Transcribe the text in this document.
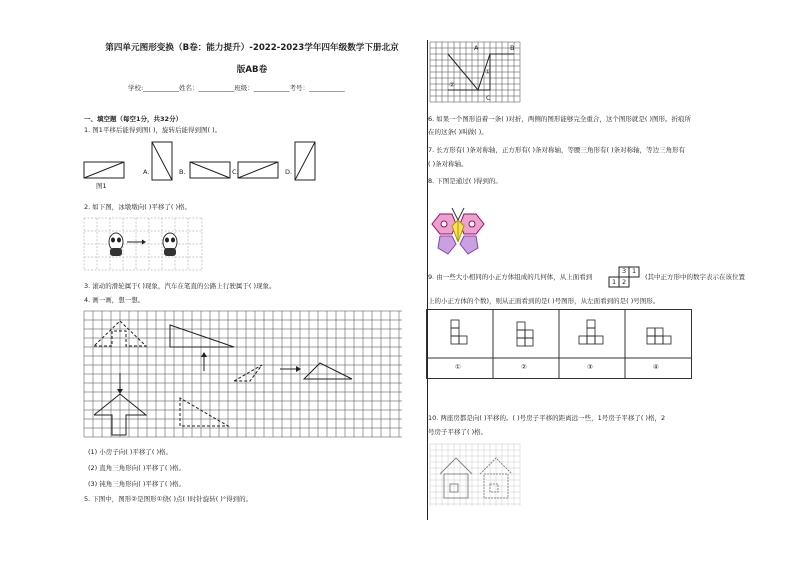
第四单元图形变换（B卷：能力提升）-2022-2023学年四年级数学下册北京
版AB卷
学校:___________姓名：___________班级：___________考号：___________
一、填空题（每空1分，共32分）
1. 图1平移后能得到图( )，旋转后能得到图( )。
图1
A.	B.	C.	D.
2. 如下图，冰墩墩向( )平移了( )格。
3. 滚动的滑轮属于( )现象，汽车在笔直的公路上行驶属于( )现象。
4. 画一画，想一想。
(1) 小房子向( )平移了( )格。
(2) 直角三角形向( )平移了( )格。
(3) 钝角三角形向( )平移了( )格。
5. 下图中，图形②是图形①绕( )点( )时针旋转( )°得到的。
A	B
C
①
②
6. 如果一个图形沿着一条( )对折，两侧的图形能够完全重合，这个图形就是( )图形。折痕所
在的这条( )叫做( )。
7. 长方形有( )条对称轴，正方形有( )条对称轴，等腰三角形有( )条对称轴，等边三角形有
( )条对称轴。
8. 下图是通过( )得到的。
9. 由一些大小相同的小正方体组成的几何体，从上面看到
3 1
1 2
(其中正方形中的数字表示在该位置
上的小正方体的个数)，则从正面看到的是( )号图形，从左面看到的是( )号图形。
①	②	③	④
10. 两座房都是向( )平移的。( )号房子平移的距离远一些，1号房子平移了( )格，2
号房子平移了( )格。
